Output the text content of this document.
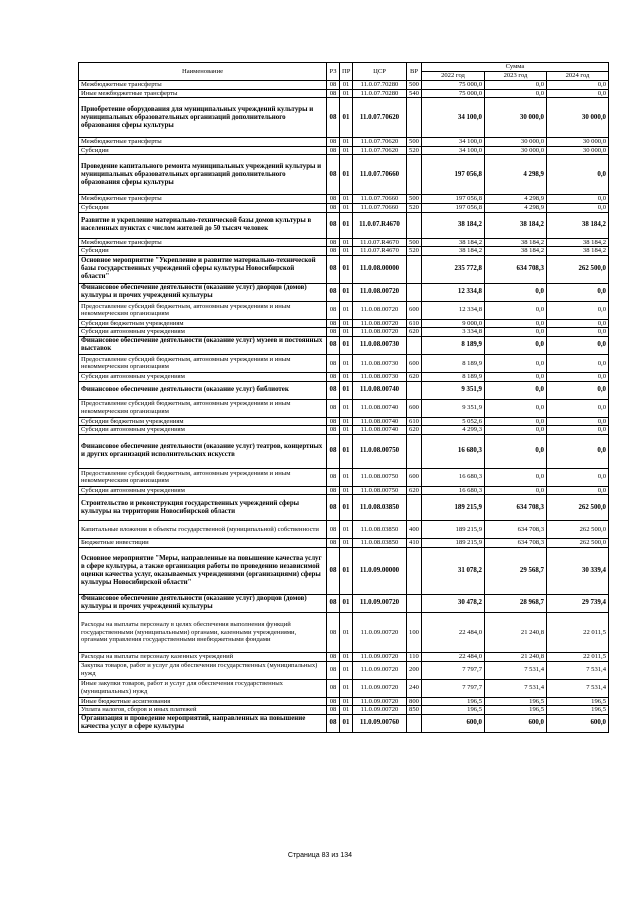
Наименование	РЗ	ПР	ЦСР	ВР	Сумма		
					2022 год	2023 год	2024 год
Межбюджетные трансферты	08	01	11.0.07.70280	500	75 000,0	0,0	0,0
Иные межбюджетные трансферты	08	01	11.0.07.70280	540	75 000,0	0,0	0,0
Приобретение оборудования для муниципальных учреждений культуры и муниципальных образовательных организаций дополнительного образования сферы культуры	08	01	11.0.07.70620		34 100,0	30 000,0	30 000,0
Межбюджетные трансферты	08	01	11.0.07.70620	500	34 100,0	30 000,0	30 000,0
Субсидии	08	01	11.0.07.70620	520	34 100,0	30 000,0	30 000,0
Проведение капитального ремонта муниципальных учреждений культуры и муниципальных образовательных организаций дополнительного образования сферы культуры	08	01	11.0.07.70660		197 056,8	4 298,9	0,0
Межбюджетные трансферты	08	01	11.0.07.70660	500	197 056,8	4 298,9	0,0
Субсидии	08	01	11.0.07.70660	520	197 056,8	4 298,9	0,0
Развитие и укрепление материально-технической базы домов культуры в населенных пунктах с числом жителей до 50 тысяч человек	08	01	11.0.07.R4670		38 184,2	38 184,2	38 184,2
Межбюджетные трансферты	08	01	11.0.07.R4670	500	38 184,2	38 184,2	38 184,2
Субсидии	08	01	11.0.07.R4670	520	38 184,2	38 184,2	38 184,2
Основное мероприятие "Укрепление и развитие материально-технической базы государственных учреждений сферы культуры Новосибирской области"	08	01	11.0.08.00000		235 772,8	634 708,3	262 500,0
Финансовое обеспечение деятельности (оказание услуг) дворцов (домов) культуры и прочих учреждений культуры	08	01	11.0.08.00720		12 334,8	0,0	0,0
Предоставление субсидий бюджетным, автономным учреждениям и иным некоммерческим организациям	08	01	11.0.08.00720	600	12 334,8	0,0	0,0
Субсидии бюджетным учреждениям	08	01	11.0.08.00720	610	9 000,0	0,0	0,0
Субсидии автономным учреждениям	08	01	11.0.08.00720	620	3 334,8	0,0	0,0
Финансовое обеспечение деятельности (оказание услуг) музеев и постоянных выставок	08	01	11.0.08.00730		8 189,9	0,0	0,0
Предоставление субсидий бюджетным, автономным учреждениям и иным некоммерческим организациям	08	01	11.0.08.00730	600	8 189,9	0,0	0,0
Субсидии автономным учреждениям	08	01	11.0.08.00730	620	8 189,9	0,0	0,0
Финансовое обеспечение деятельности (оказание услуг) библиотек	08	01	11.0.08.00740		9 351,9	0,0	0,0
Предоставление субсидий бюджетным, автономным учреждениям и иным некоммерческим организациям	08	01	11.0.08.00740	600	9 351,9	0,0	0,0
Субсидии бюджетным учреждениям	08	01	11.0.08.00740	610	5 052,6	0,0	0,0
Субсидии автономным учреждениям	08	01	11.0.08.00740	620	4 299,3	0,0	0,0
Финансовое обеспечение деятельности (оказание услуг) театров, концертных и других организаций исполнительских искусств	08	01	11.0.08.00750		16 680,3	0,0	0,0
Предоставление субсидий бюджетным, автономным учреждениям и иным некоммерческим организациям	08	01	11.0.08.00750	600	16 680,3	0,0	0,0
Субсидии автономным учреждениям	08	01	11.0.08.00750	620	16 680,3	0,0	0,0
Строительство и реконструкция государственных учреждений сферы культуры на территории Новосибирской области	08	01	11.0.08.03850		189 215,9	634 708,3	262 500,0
Капитальные вложения в объекты государственной (муниципальной) собственности	08	01	11.0.08.03850	400	189 215,9	634 708,3	262 500,0
Бюджетные инвестиции	08	01	11.0.08.03850	410	189 215,9	634 708,3	262 500,0
Основное мероприятие "Меры, направленные на повышение качества услуг в сфере культуры, а также организация работы по проведению независимой оценки качества услуг, оказываемых учреждениями (организациями) сферы культуры Новосибирской области"	08	01	11.0.09.00000		31 078,2	29 568,7	30 339,4
Финансовое обеспечение деятельности (оказание услуг) дворцов (домов) культуры и прочих учреждений культуры	08	01	11.0.09.00720		30 478,2	28 968,7	29 739,4
Расходы на выплаты персоналу в целях обеспечения выполнения функций государственными (муниципальными) органами, казенными учреждениями, органами управления государственными внебюджетными фондами	08	01	11.0.09.00720	100	22 484,0	21 240,8	22 011,5
Расходы на выплаты персоналу казенных учреждений	08	01	11.0.09.00720	110	22 484,0	21 240,8	22 011,5
Закупка товаров, работ и услуг для обеспечения государственных (муниципальных) нужд	08	01	11.0.09.00720	200	7 797,7	7 531,4	7 531,4
Иные закупки товаров, работ и услуг для обеспечения государственных (муниципальных) нужд	08	01	11.0.09.00720	240	7 797,7	7 531,4	7 531,4
Иные бюджетные ассигнования	08	01	11.0.09.00720	800	196,5	196,5	196,5
Уплата налогов, сборов и иных платежей	08	01	11.0.09.00720	850	196,5	196,5	196,5
Организация и проведение мероприятий, направленных на повышение качества услуг в сфере культуры	08	01	11.0.09.00760		600,0	600,0	600,0
Страница 83 из 134
